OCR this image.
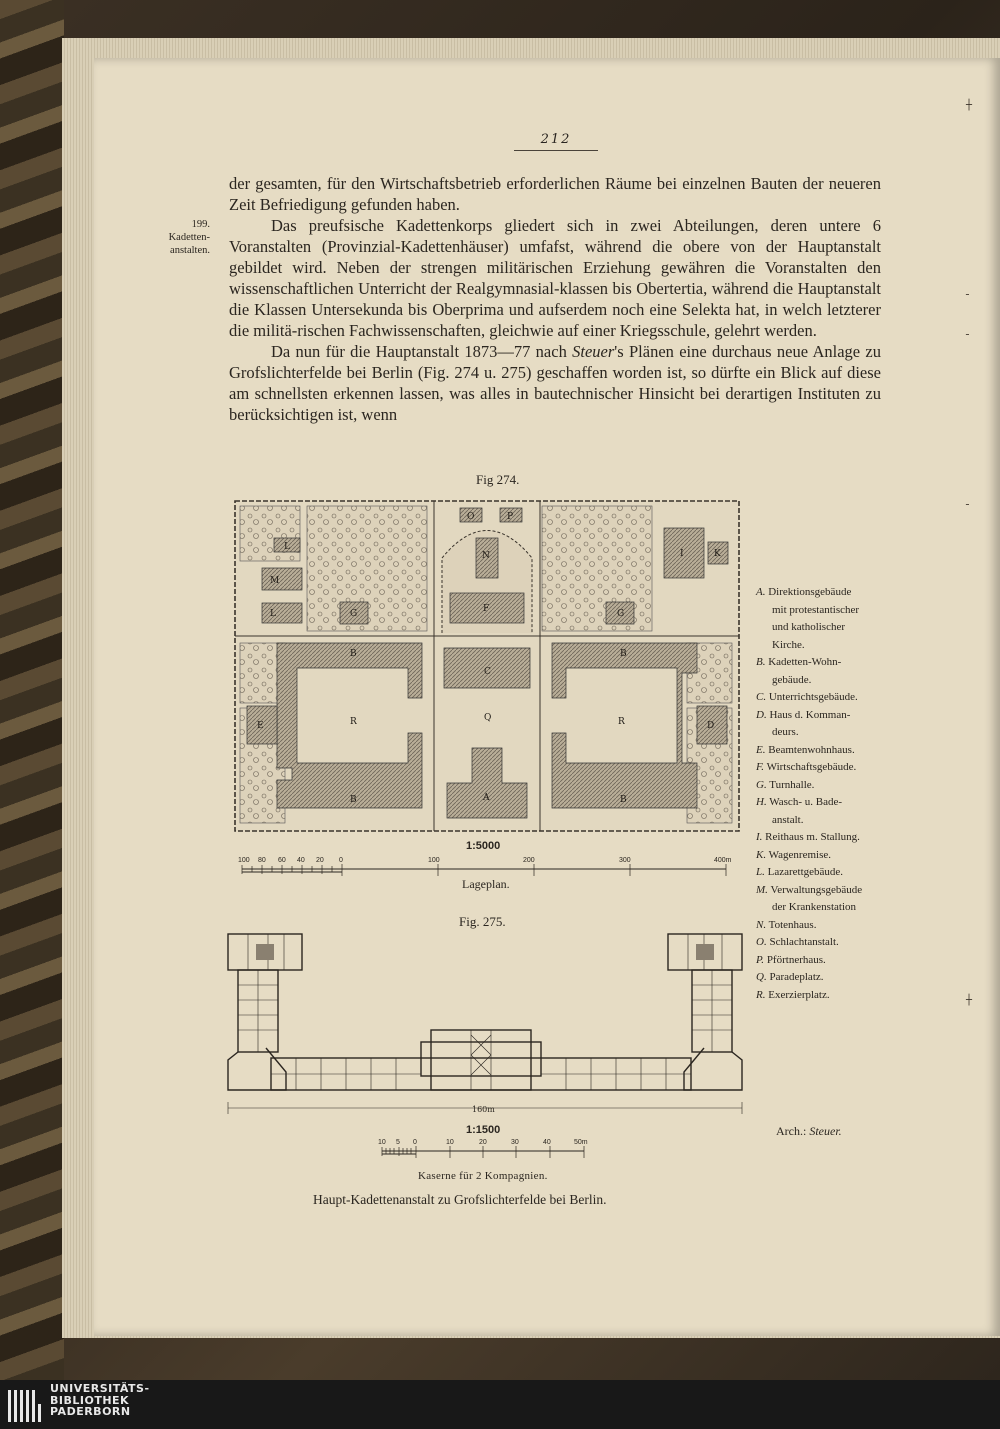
┼
╴
╴
╴
┼
212
199.
Kadetten-
anstalten.

der gesamten, für den Wirtschaftsbetrieb erforderlichen Räume bei einzelnen Bauten der neueren Zeit Befriedigung gefunden haben.

Das preufsische Kadettenkorps gliedert sich in zwei Abteilungen, deren untere 6 Voranstalten (Provinzial-Kadettenhäuser) umfafst, während die obere von der Hauptanstalt gebildet wird. Neben der strengen militärischen Erziehung gewähren die Voranstalten den wissenschaftlichen Unterricht der Realgymnasial-klassen bis Obertertia, während die Hauptanstalt die Klassen Untersekunda bis Oberprima und aufserdem noch eine Selekta hat, in welch letzterer die militä-rischen Fachwissenschaften, gleichwie auf einer Kriegsschule, gelehrt werden.

Da nun für die Hauptanstalt 1873—77 nach Steuer's Plänen eine durchaus neue Anlage zu Grofslichterfelde bei Berlin (Fig. 274 u. 275) geschaffen worden ist, so dürfte ein Blick auf diese am schnellsten erkennen lassen, was alles in bautechnischer Hinsicht bei derartigen Instituten zu berücksichtigen ist, wenn

Fig 274.
L
M
L	G
N
O	P
F	G
I	K
B
C
B
R	Q	R
E	D
B	A	B
1:5000
100 80 60 40 20 0	100	200	300	400m
Lageplan.
A. Direktionsgebäude
mit protestantischer
und katholischer
Kirche.
B. Kadetten-Wohn-
gebäude.
C. Unterrichtsgebäude.
D. Haus d. Komman-
deurs.
E. Beamtenwohnhaus.
F. Wirtschaftsgebäude.
G. Turnhalle.
H. Wasch- u. Bade-
anstalt.
I. Reithaus m. Stallung.
K. Wagenremise.
L. Lazarettgebäude.
M. Verwaltungsgebäude
der Krankenstation
N. Totenhaus.
O. Schlachtanstalt.
P. Pförtnerhaus.
Q. Paradeplatz.
R. Exerzierplatz.
Fig. 275.
160m
1:1500
10 5 0	10	20	30	40	50m
Arch.: Steuer.
Kaserne für 2 Kompagnien.
Haupt-Kadettenanstalt zu Grofslichterfelde bei Berlin.
UNIVERSITÄTS-
BIBLIOTHEK
PADERBORN
